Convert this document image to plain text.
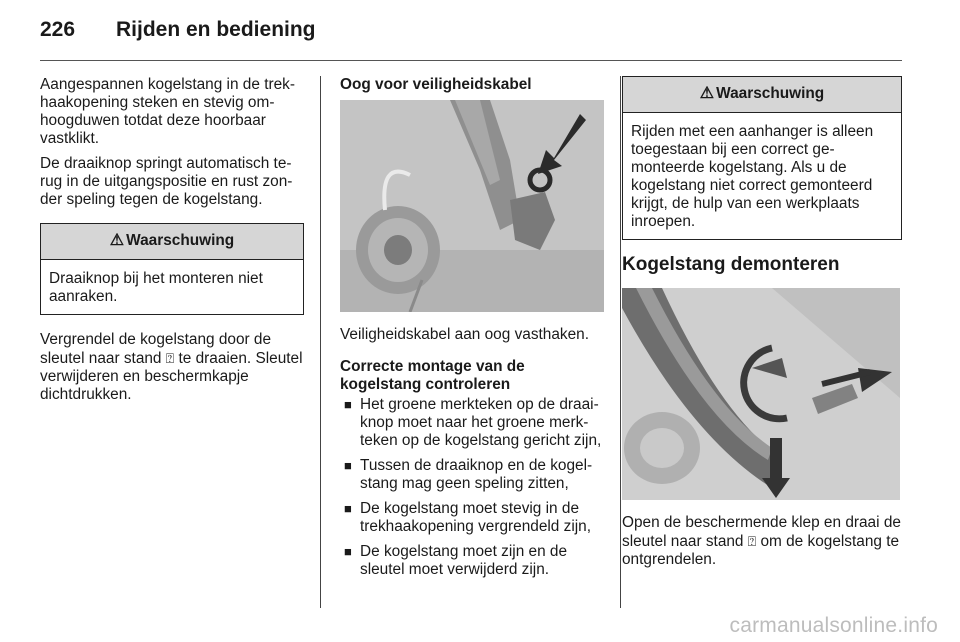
226	Rijden en bediening

Aangespannen kogelstang in de trekhaakopening steken en stevig omhoogduwen totdat deze hoorbaar vastklikt.

De draaiknop springt automatisch terug in de uitgangspositie en rust zonder speling tegen de kogelstang.

⚠ Waarschuwing
Draaiknop bij het monteren niet aanraken.

Vergrendel de kogelstang door de sleutel naar stand ⍰ te draaien. Sleutel verwijderen en beschermkapje dichtdrukken.

Oog voor veiligheidskabel

Veiligheidskabel aan oog vasthaken.

Correcte montage van de kogelstang controleren

■ Het groene merkteken op de draaiknop moet naar het groene merkteken op de kogelstang gericht zijn,
■ Tussen de draaiknop en de kogelstang mag geen speling zitten,
■ De kogelstang moet stevig in de trekhaakopening vergrendeld zijn,
■ De kogelstang moet zijn en de sleutel moet verwijderd zijn.
⚠ Waarschuwing
Rijden met een aanhanger is alleen toegestaan bij een correct gemonteerde kogelstang. Als u de kogelstang niet correct gemonteerd krijgt, de hulp van een werkplaats inroepen.
Kogelstang demonteren

Open de beschermende klep en draai de sleutel naar stand ⍰ om de kogelstang te ontgrendelen.

carmanualsonline.info
